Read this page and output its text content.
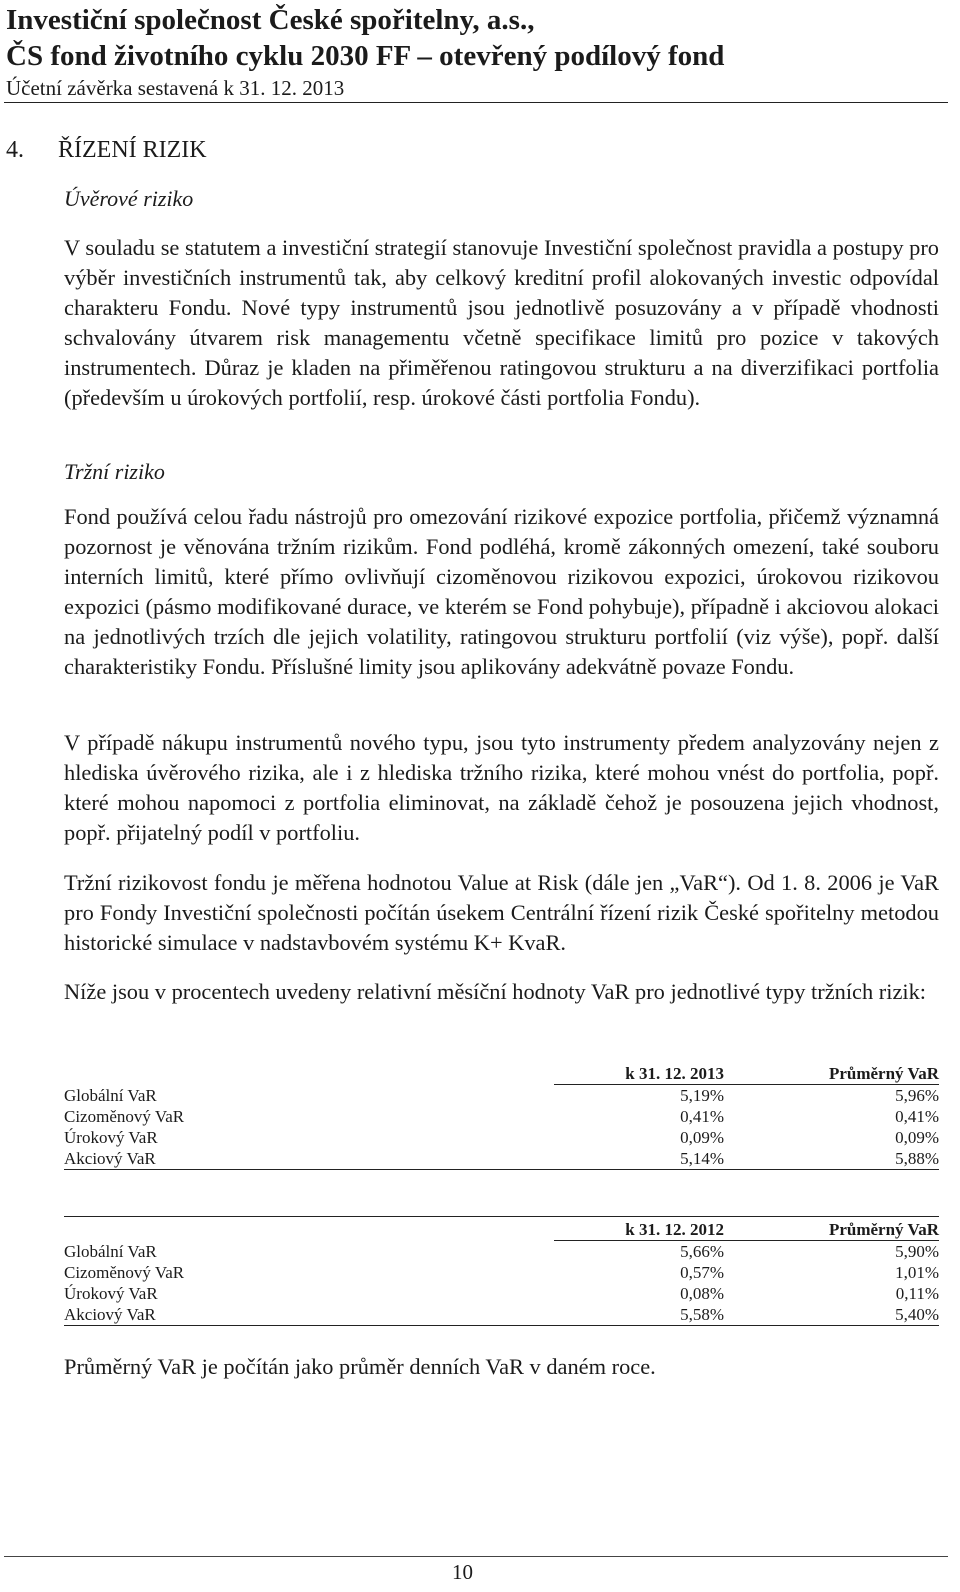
Investiční společnost České spořitelny, a.s.,
ČS fond životního cyklu 2030 FF – otevřený podílový fond
Účetní závěrka sestavená k 31. 12. 2013
4. ŘÍZENÍ RIZIK
Úvěrové riziko

V souladu se statutem a investiční strategií stanovuje Investiční společnost pravidla a postupy pro výběr investičních instrumentů tak, aby celkový kreditní profil alokovaných investic odpovídal charakteru Fondu. Nové typy instrumentů jsou jednotlivě posuzovány a v případě vhodnosti schvalovány útvarem risk managementu včetně specifikace limitů pro pozice v takových instrumentech. Důraz je kladen na přiměřenou ratingovou strukturu a na diverzifikaci portfolia (především u úrokových portfolií, resp. úrokové části portfolia Fondu).

Tržní riziko

Fond používá celou řadu nástrojů pro omezování rizikové expozice portfolia, přičemž významná pozornost je věnována tržním rizikům. Fond podléhá, kromě zákonných omezení, také souboru interních limitů, které přímo ovlivňují cizoměnovou rizikovou expozici, úrokovou rizikovou expozici (pásmo modifikované durace, ve kterém se Fond pohybuje), případně i akciovou alokaci na jednotlivých trzích dle jejich volatility, ratingovou strukturu portfolií (viz výše), popř. další charakteristiky Fondu. Příslušné limity jsou aplikovány adekvátně povaze Fondu.

V případě nákupu instrumentů nového typu, jsou tyto instrumenty předem analyzovány nejen z hlediska úvěrového rizika, ale i z hlediska tržního rizika, které mohou vnést do portfolia, popř. které mohou napomoci z portfolia eliminovat, na základě čehož je posouzena jejich vhodnost, popř. přijatelný podíl v portfoliu.

Tržní rizikovost fondu je měřena hodnotou Value at Risk (dále jen „VaR“). Od 1. 8. 2006 je VaR pro Fondy Investiční společnosti počítán úsekem Centrální řízení rizik České spořitelny metodou historické simulace v nadstavbovém systému K+ KvaR.

Níže jsou v procentech uvedeny relativní měsíční hodnoty VaR pro jednotlivé typy tržních rizik:

	k 31. 12. 2013	Průměrný VaR
Globální VaR	5,19%	5,96%
Cizoměnový VaR	0,41%	0,41%
Úrokový VaR	0,09%	0,09%
Akciový VaR	5,14%	5,88%
	k 31. 12. 2012	Průměrný VaR
Globální VaR	5,66%	5,90%
Cizoměnový VaR	0,57%	1,01%
Úrokový VaR	0,08%	0,11%
Akciový VaR	5,58%	5,40%

Průměrný VaR je počítán jako průměr denních VaR v daném roce.

10
